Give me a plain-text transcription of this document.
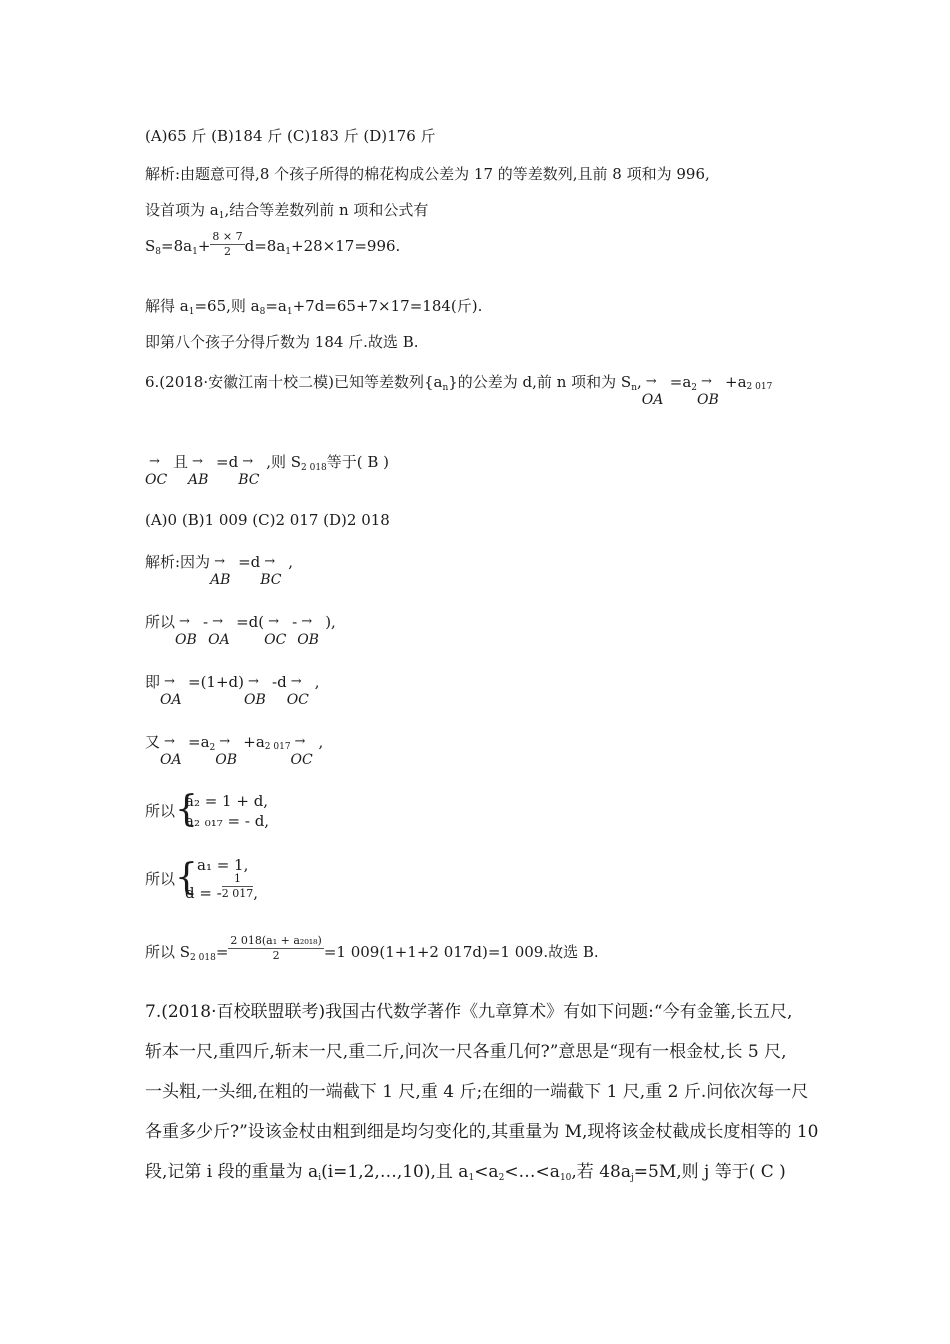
(A)65 斤 (B)184 斤 (C)183 斤 (D)176 斤
解析:由题意可得,8 个孩子所得的棉花构成公差为 17 的等差数列,且前 8 项和为 996,
设首项为 $a_1$,结合等差数列前 n 项和公式有
$S_8=8a_1+ \frac{8 \times 7}{2} d=8a_1+28\times 17=996$.
解得 $a_1=65$,则 $a_8=a_1+7d=65+7\times 17=184$(斤).
即第八个孩子分得斤数为 184 斤.故选 B.
6.(2018·安徽江南十校二模)已知等差数列$\{a_n\}$的公差为 d,前 n 项和为 $S_n$, →
OA
$=a_2$ →
OB
+a2 017
→
OC
且 →
AB
=d →
BC
,则 $S_{2 018}$等于( B )
(A)0 (B)1 009 (C)2 017 (D)2 018
解析:因为 →
AB
=d →
BC
,
所以 →
OB
- →
OA
=d( →
OC
- →
OB
),
即 →
OA
=(1+d) →
OB
-d →
OC
,
又 →
OA
$=a_2$ →
OB
+a2 017 →
OC
,
所以 {
a₂ = 1 + d,
a₂ ₀₁₇ = - d,
所以 { a₁ = 1,
d = - $\frac{1}{2 017}$ ,
所以 $S_{2 018}= \frac{\text{2 018(a₁ + a₂₀₁₈)}}{2} =1$ 009(1+1+2 017d)=1 009.故选 B.
7.(2018·百校联盟联考)我国古代数学著作《九章算术》有如下问题:“今有金箠,长五尺,
斩本一尺,重四斤,斩末一尺,重二斤,问次一尺各重几何?”意思是“现有一根金杖,长 5 尺,
一头粗,一头细,在粗的一端截下 1 尺,重 4 斤;在细的一端截下 1 尺,重 2 斤.问依次每一尺
各重多少斤?”设该金杖由粗到细是均匀变化的,其重量为 M,现将该金杖截成长度相等的 10
段,记第 i 段的重量为 $a_i(i=1,2,\dots,10)$,且 $a_1<a_2<\dots<a_{10}$,若 $48a_j=5M$,则 j 等于( C )
